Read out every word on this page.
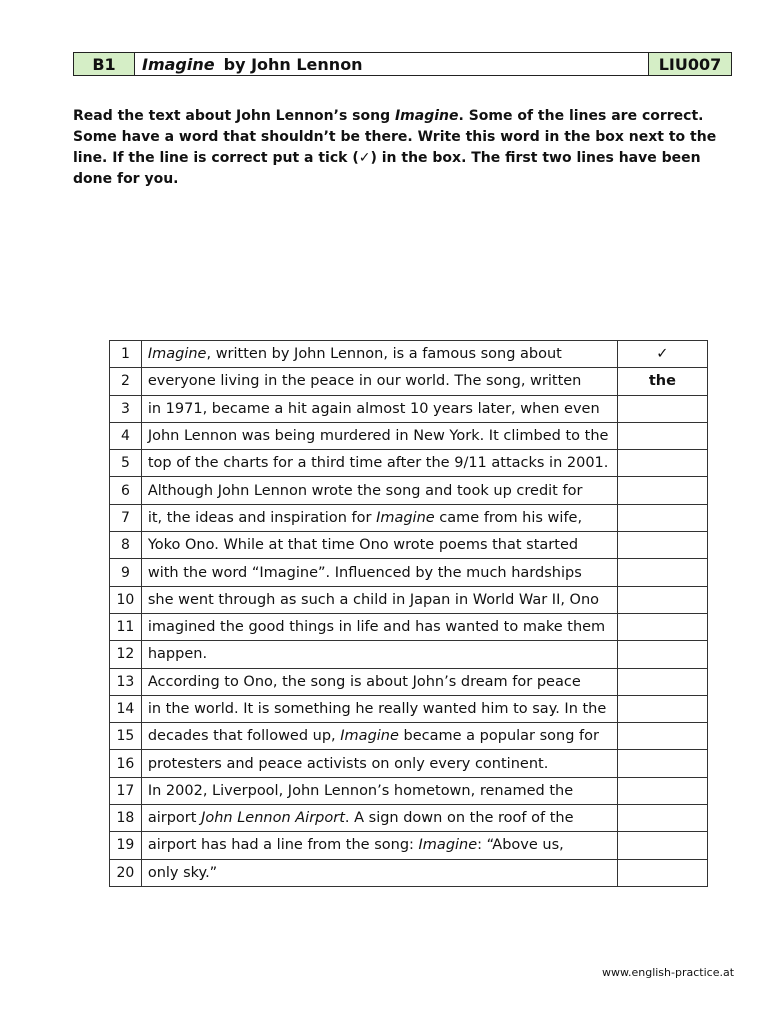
B1	Imagine by John Lennon	LIU007
Read the text about John Lennon’s song Imagine. Some of the lines are correct. Some have a word that shouldn’t be there. Write this word in the box next to the line. If the line is correct put a tick (✓) in the box. The first two lines have been done for you.
1	Imagine, written by John Lennon, is a famous song about	✓
2	everyone living in the peace in our world. The song, written	the
3	in 1971, became a hit again almost 10 years later, when even	
4	John Lennon was being murdered in New York. It climbed to the	
5	top of the charts for a third time after the 9/11 attacks in 2001.	
6	Although John Lennon wrote the song and took up credit for	
7	it, the ideas and inspiration for Imagine came from his wife,	
8	Yoko Ono. While at that time Ono wrote poems that started	
9	with the word “Imagine”. Influenced by the much hardships	
10	she went through as such a child in Japan in World War II, Ono	
11	imagined the good things in life and has wanted to make them	
12	happen.	
13	According to Ono, the song is about John’s dream for peace	
14	in the world. It is something he really wanted him to say. In the	
15	decades that followed up, Imagine became a popular song for	
16	protesters and peace activists on only every continent.	
17	In 2002, Liverpool, John Lennon’s hometown, renamed the	
18	airport John Lennon Airport. A sign down on the roof of the	
19	airport has had a line from the song: Imagine: “Above us,	
20	only sky.”	
www.english-practice.at
